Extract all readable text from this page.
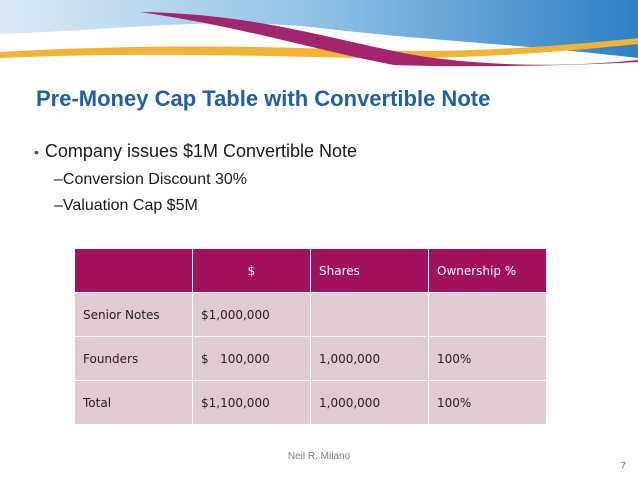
Pre-Money Cap Table with Convertible Note
• Company issues $1M Convertible Note
–Conversion Discount 30%
–Valuation Cap $5M
	$	Shares	Ownership %
Senior Notes	$1,000,000		
Founders	$   100,000	1,000,000	100%
Total	$1,100,000	1,000,000	100%
Neil R. Milano
7
